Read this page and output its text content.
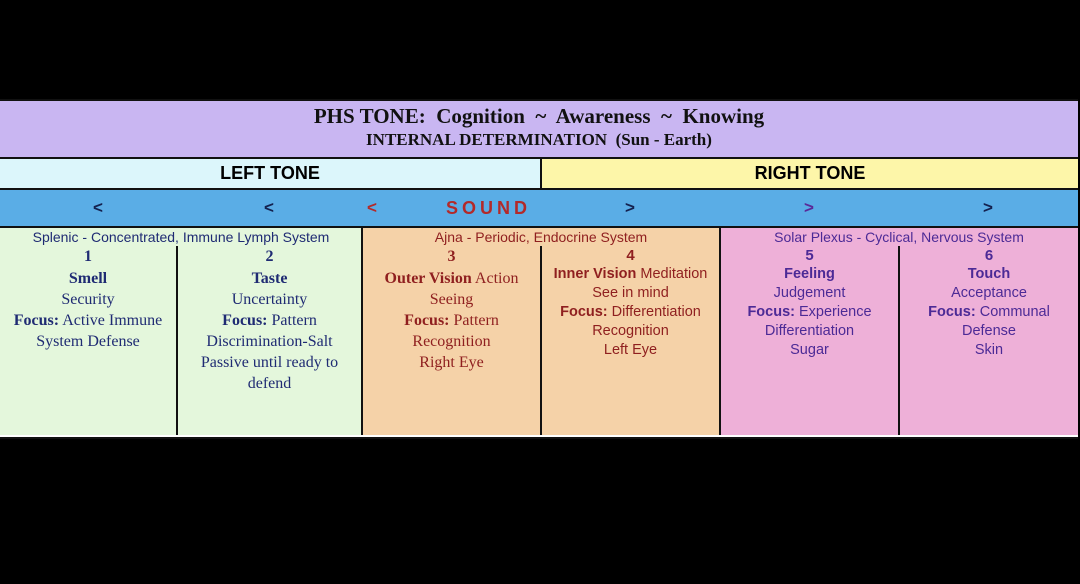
PHS TONE:  Cognition  ~  Awareness  ~  Knowing
INTERNAL DETERMINATION  (Sun - Earth)
LEFT TONE	RIGHT TONE
<	<	<	SOUND	>	>	>
Splenic - Concentrated, Immune Lymph System	Ajna - Periodic, Endocrine System	Solar Plexus - Cyclical, Nervous System
1
Smell
Security
Focus: Active Immune
System Defense
2
Taste
Uncertainty
Focus: Pattern
Discrimination-Salt
Passive until ready to
defend
3
Outer Vision Action
Seeing
Focus: Pattern
Recognition
Right Eye
4
Inner Vision Meditation
See in mind
Focus: Differentiation
Recognition
Left Eye
5
Feeling
Judgement
Focus: Experience
Differentiation
Sugar
6
Touch
Acceptance
Focus: Communal
Defense
Skin
